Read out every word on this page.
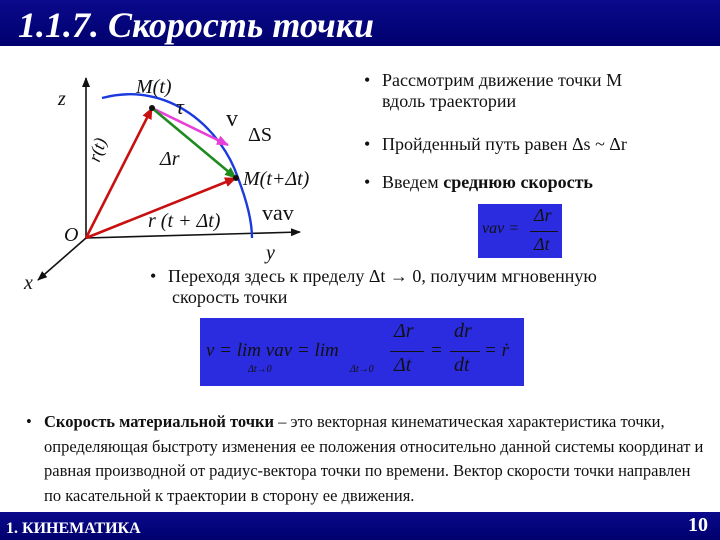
1.1.7. Скорость точки
z
x
y
O
M(t)
M(t+Δt)
τ v
ΔS
Δr
r(t)
r (t + Δt) vav
• Рассмотрим движение точки M
вдоль траектории
• Пройденный путь равен Δs ~ Δr
• Введем среднюю скорость
vav =
Δr
Δt
• Переходя здесь к пределу Δt → 0, получим мгновенную
скорость точки
v = lim vav = lim
Δt→0	Δt→0
Δr
Δt
=
dr
dt
= ṙ
• Скорость материальной точки – это векторная кинематическая характеристика точки, определяющая быстроту изменения ее положения относительно данной системы координат и равная производной от радиус-вектора точки по времени. Вектор скорости точки направлен по касательной к траектории в сторону ее движения.
1. КИНЕМАТИКА	10
